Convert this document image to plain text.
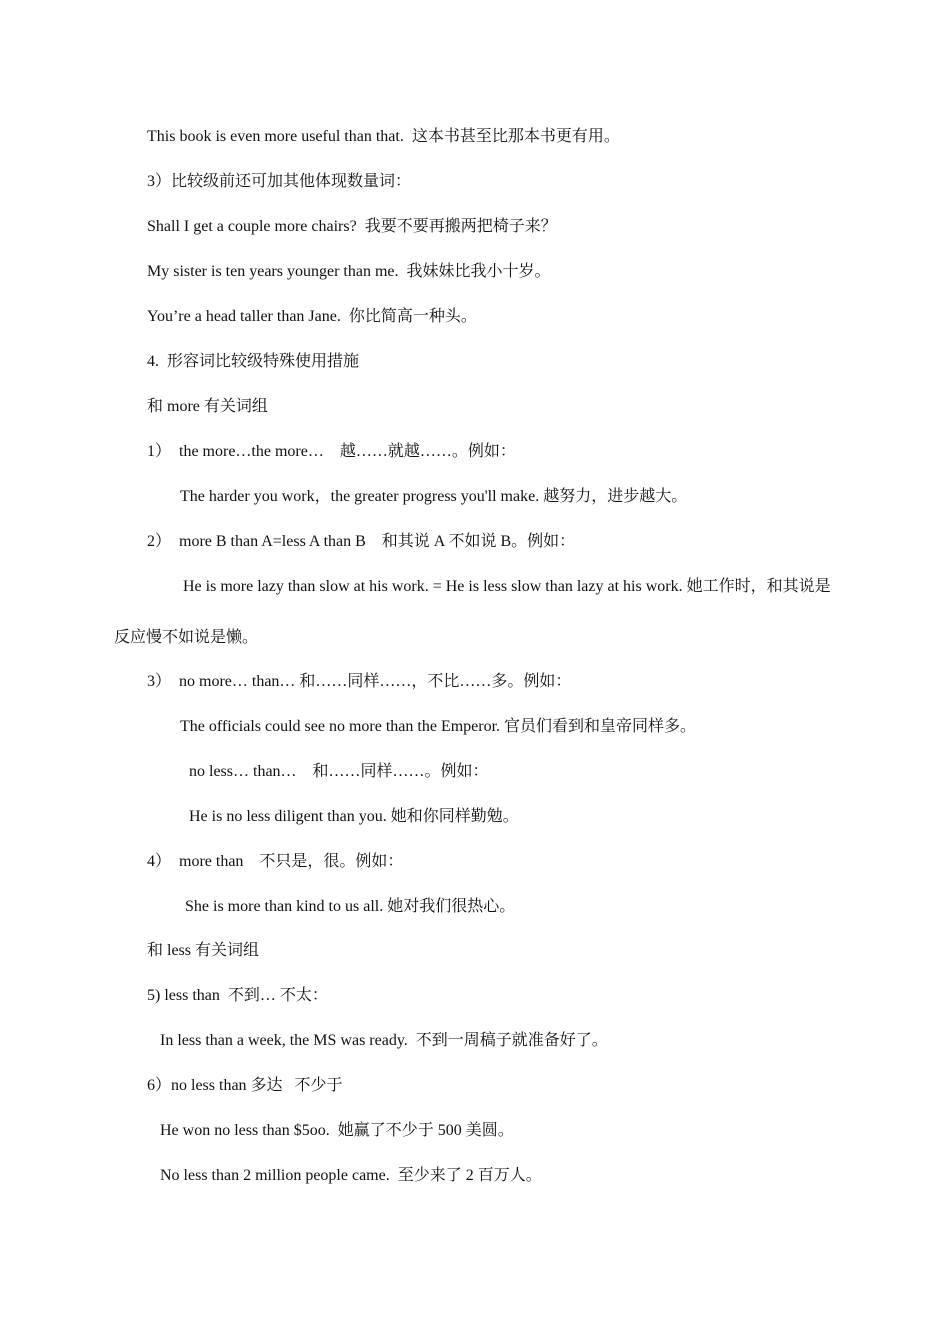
This book is even more useful than that.  这本书甚至比那本书更有用。

3）比较级前还可加其他体现数量词：

Shall I get a couple more chairs?  我要不要再搬两把椅子来？

My sister is ten years younger than me.  我妹妹比我小十岁。

You’re a head taller than Jane.  你比简高一种头。

4.  形容词比较级特殊使用措施

和 more 有关词组

1）  the more…the more…    越……就越……。例如：

The harder you work，the greater progress you'll make. 越努力，进步越大。

2）  more B than A=less A than B    和其说 A 不如说 B。例如：

He is more lazy than slow at his work. = He is less slow than lazy at his work. 她工作时，和其说是

反应慢不如说是懒。

3）  no more… than… 和……同样……，不比……多。例如：

The officials could see no more than the Emperor. 官员们看到和皇帝同样多。

no less… than…    和……同样……。例如：

He is no less diligent than you. 她和你同样勤勉。

4）  more than    不只是，很。例如：

She is more than kind to us all. 她对我们很热心。

和 less 有关词组

5) less than  不到… 不太：

In less than a week, the MS was ready.  不到一周稿子就准备好了。

6）no less than 多达   不少于

He won no less than $5oo.  她赢了不少于 500 美圆。

No less than 2 million people came.  至少来了 2 百万人。
